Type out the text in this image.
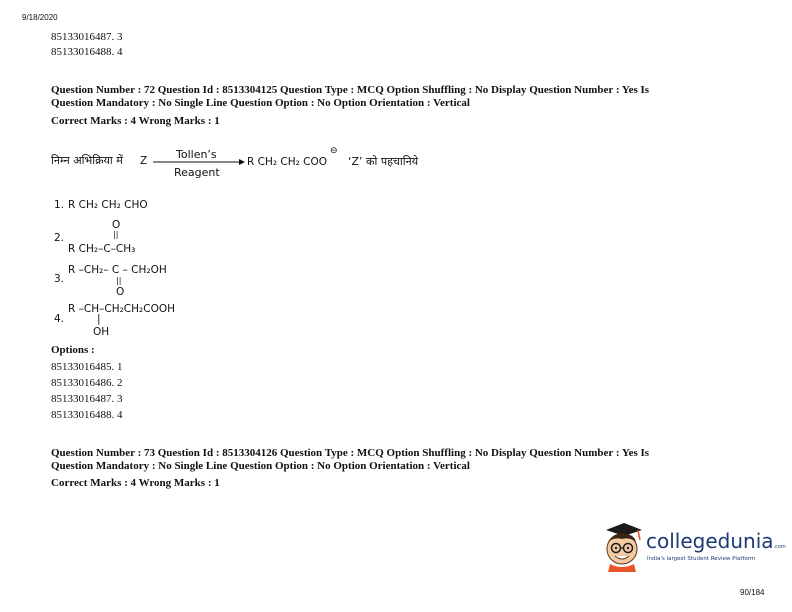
9/18/2020
85133016487. 3
85133016488. 4
Question Number : 72 Question Id : 8513304125 Question Type : MCQ Option Shuffling : No Display Question Number : Yes Is
Question Mandatory : No Single Line Question Option : No Option Orientation : Vertical
Correct Marks : 4 Wrong Marks : 1
निम्न अभिक्रिया में Z	Tollen’s
Reagent
R CH₂ CH₂ COO
⊖
‘Z’ को पहचानिये
1. R CH₂ CH₂ CHO
O
||
2.
R CH₂–C–CH₃
R –CH₂– C – CH₂OH
3.	||
O
R –CH–CH₂CH₂COOH
4.	|
OH
Options :
85133016485. 1
85133016486. 2
85133016487. 3
85133016488. 4
Question Number : 73 Question Id : 8513304126 Question Type : MCQ Option Shuffling : No Display Question Number : Yes Is
Question Mandatory : No Single Line Question Option : No Option Orientation : Vertical
Correct Marks : 4 Wrong Marks : 1
collegedunia.com
India's largest Student Review Platform
90/184
